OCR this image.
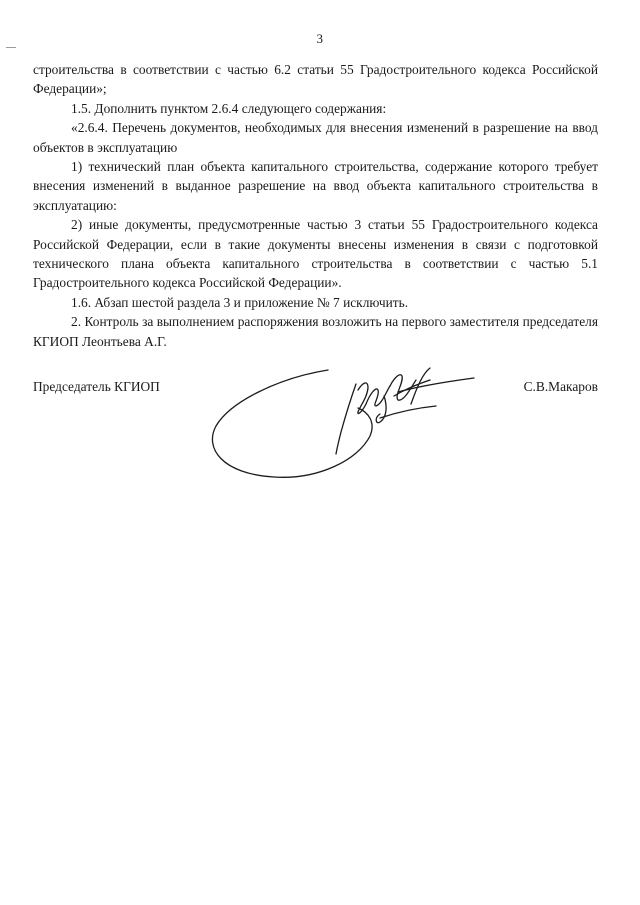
3

строительства в соответствии с частью 6.2 статьи 55 Градостроительного кодекса Российской Федерации»;

1.5. Дополнить пунктом 2.6.4 следующего содержания:

«2.6.4. Перечень документов, необходимых для внесения изменений в разрешение на ввод объектов в эксплуатацию

1) технический план объекта капитального строительства, содержание которого требует внесения изменений в выданное разрешение на ввод объекта капитального строительства в эксплуатацию:

2) иные документы, предусмотренные частью 3 статьи 55 Градостроительного кодекса Российской Федерации, если в такие документы внесены изменения в связи с подготовкой технического плана объекта капитального строительства в соответствии с частью 5.1 Градостроительного кодекса Российской Федерации».

1.6. Абзап шестой раздела 3 и приложение № 7 исключить.

2. Контроль за выполнением распоряжения возложить на первого заместителя председателя КГИОП Леонтьева А.Г.

Председатель КГИОП	С.В.Макаров
